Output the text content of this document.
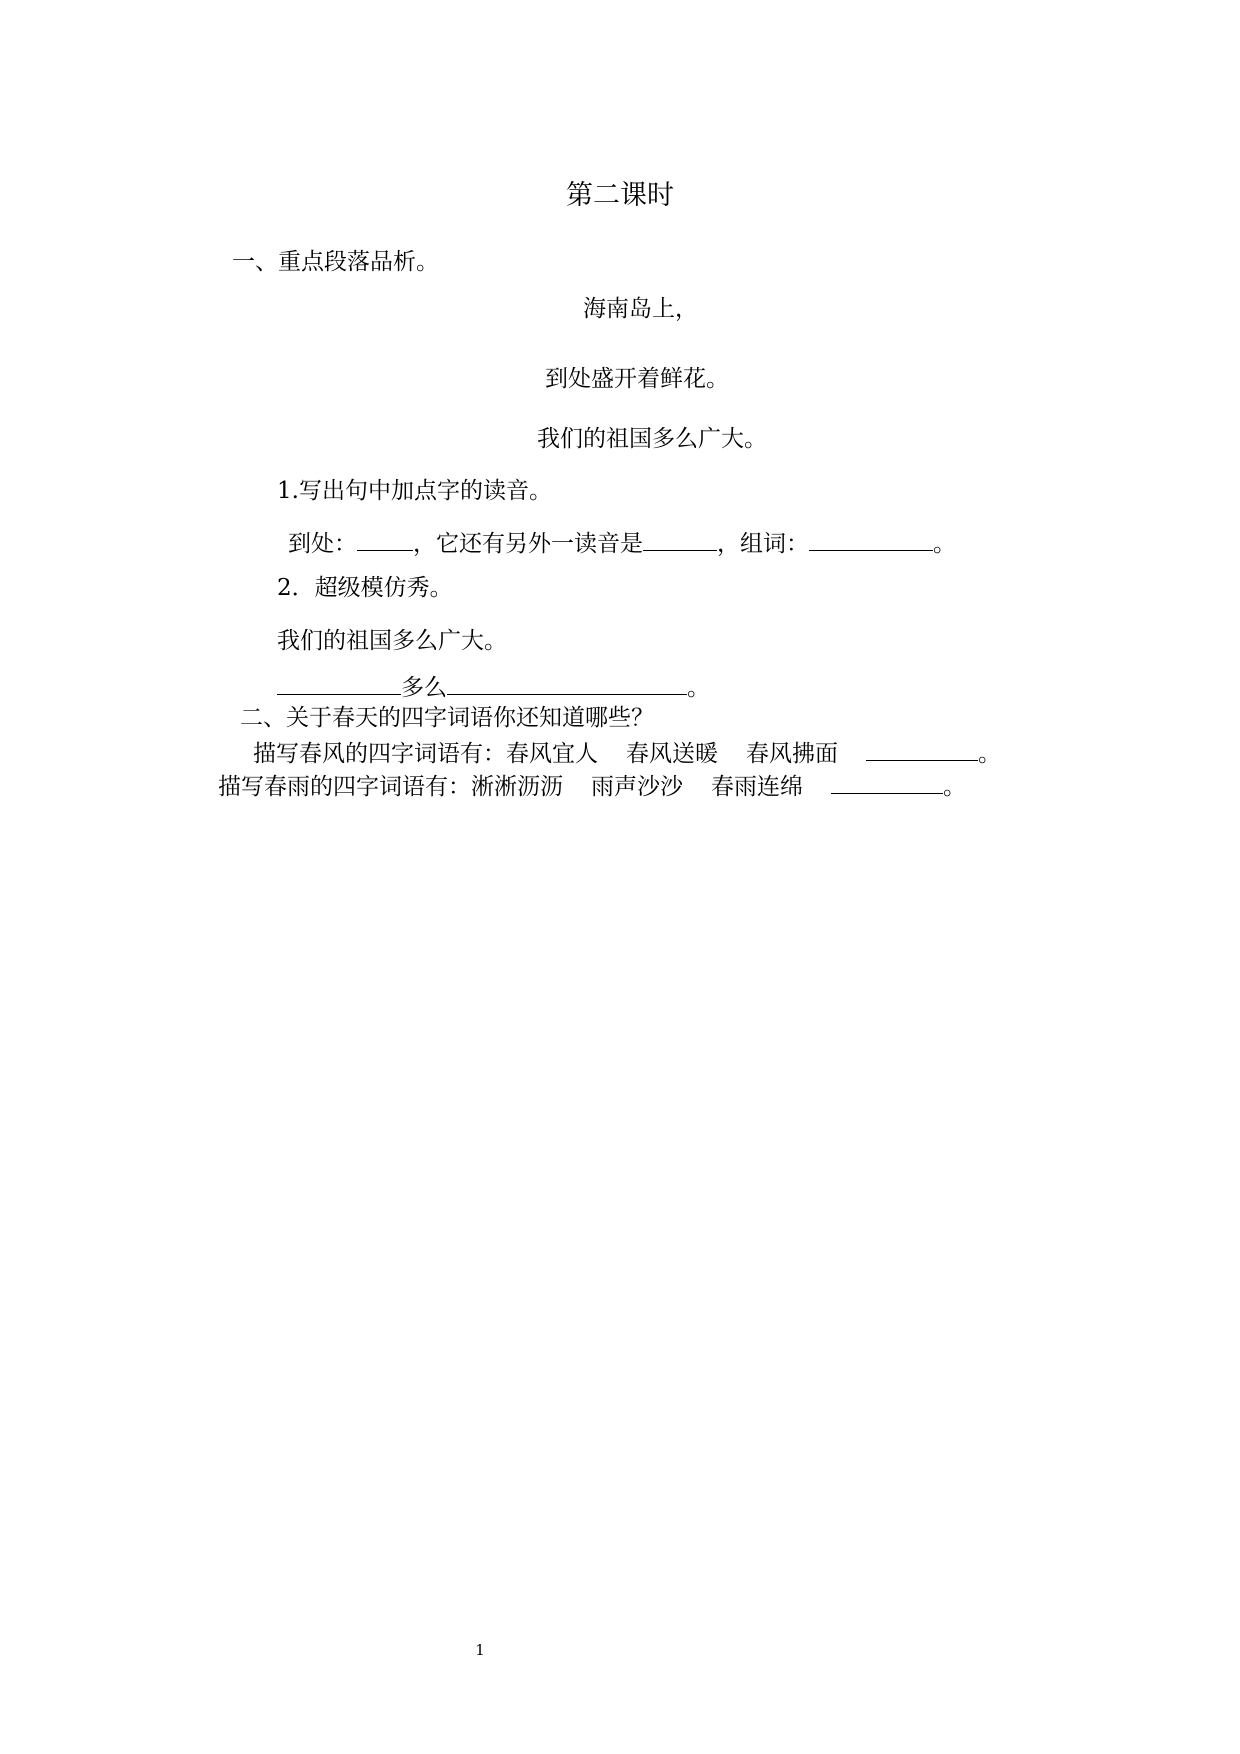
第二课时
一、重点段落品析。
海南岛上，
到处盛开着鲜花。
我们的祖国多么广大。
1.写出句中加点字的读音。
到处： ，它还有另外一读音是	，组词：	。
2．超级模仿秀。
我们的祖国多么广大。
多么	。
二、关于春天的四字词语你还知道哪些？
描写春风的四字词语有：春风宜人 春风送暖 春风拂面	。
描写春雨的四字词语有：淅淅沥沥 雨声沙沙 春雨连绵	。
1
